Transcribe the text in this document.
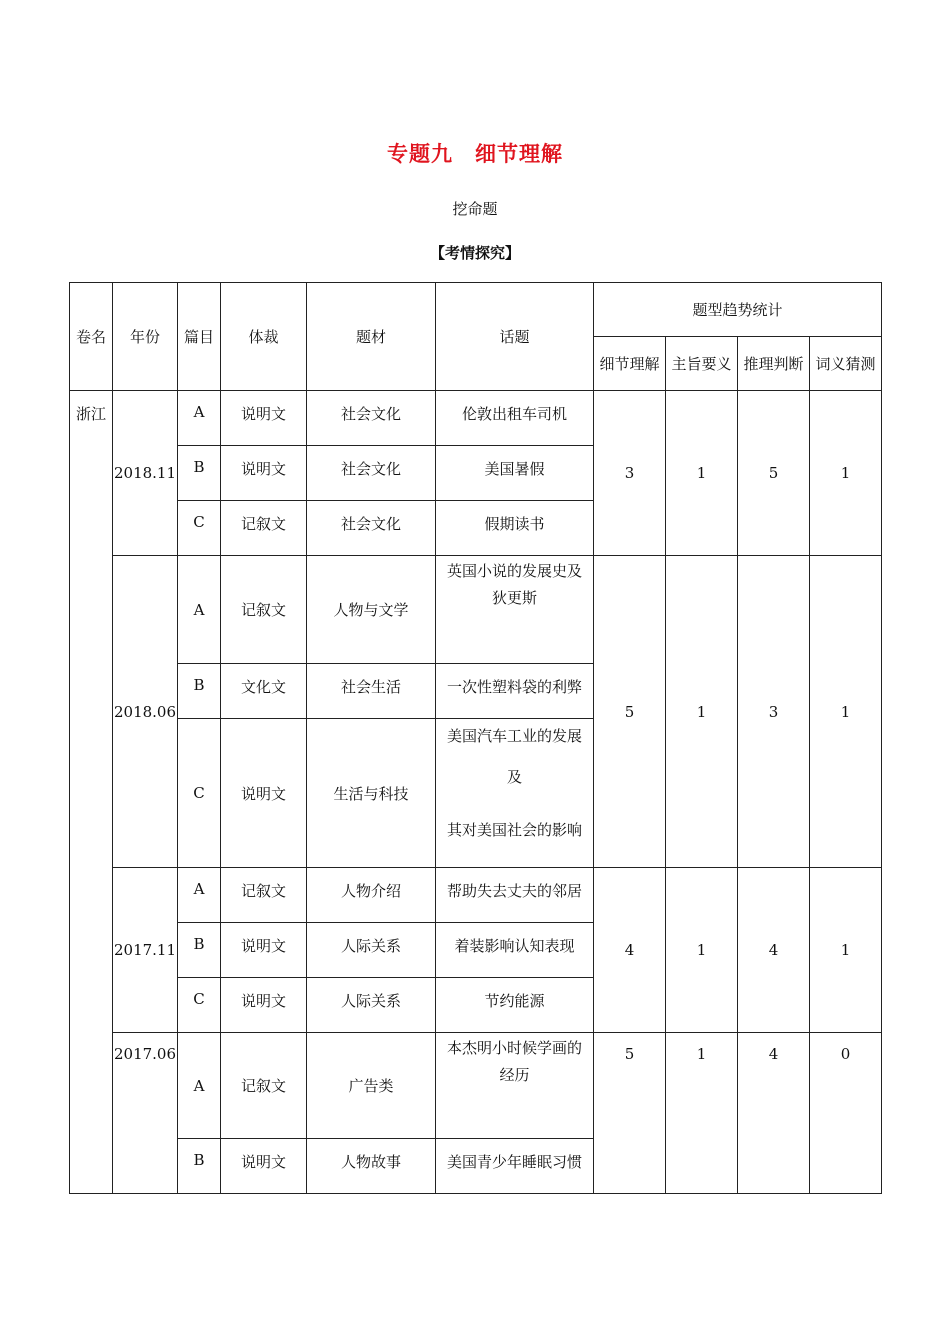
专题九　细节理解
挖命题
【考情探究】
卷名	年份	篇目	体裁	题材	话题	题型趋势统计			
						细节理解	主旨要义	推理判断	词义猜测

浙江	2018.11	A	说明文	社会文化	伦敦出租车司机	3	1	5	1

		B	说明文	社会文化	美国暑假				

		C	记叙文	社会文化	假期读书				

	2018.06	A	记叙文	人物与文学	英国小说的发展史及
狄更斯	5	1	3	1

		B	文化文	社会生活	一次性塑料袋的利弊				

		C	说明文	生活与科技	美国汽车工业的发展
及
其对美国社会的影响				

	2017.11	A	记叙文	人物介绍	帮助失去丈夫的邻居	4	1	4	1

		B	说明文	人际关系	着装影响认知表现				

		C	说明文	人际关系	节约能源				

	2017.06	A	记叙文	广告类	本杰明小时候学画的
经历	5	1	4	0

		B	说明文	人物故事	美国青少年睡眠习惯				
